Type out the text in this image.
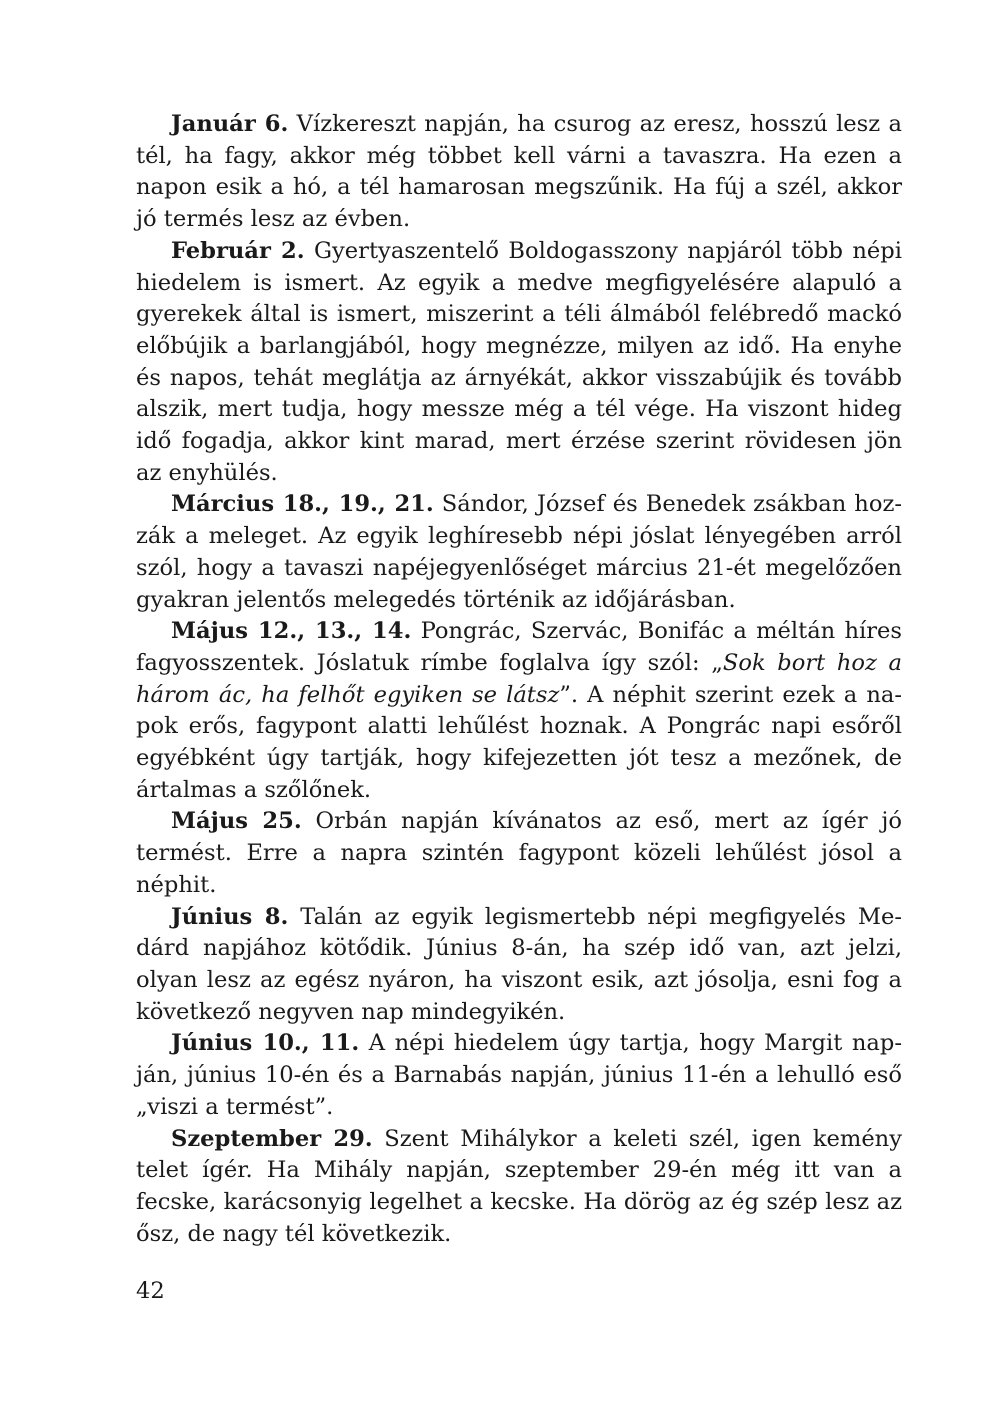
Január 6. Vízkereszt napján, ha csurog az eresz, hosszú lesz a tél, ha fagy, akkor még többet kell várni a tavaszra. Ha ezen a napon esik a hó, a tél hamarosan megszűnik. Ha fúj a szél, akkor jó termés lesz az évben.

Február 2. Gyertyaszentelő Boldogasszony napjáról több népi hiedelem is ismert. Az egyik a medve megfigyelésére alapuló a gyerekek által is ismert, miszerint a téli álmából felébredő mackó előbújik a barlangjából, hogy megnézze, milyen az idő. Ha enyhe és napos, tehát meglátja az árnyékát, akkor visszabújik és tovább alszik, mert tudja, hogy messze még a tél vége. Ha viszont hideg idő fogadja, akkor kint marad, mert érzése szerint rövidesen jön az enyhülés.

Március 18., 19., 21. Sándor, József és Benedek zsákban hozzák a meleget. Az egyik leghíresebb népi jóslat lényegében arról szól, hogy a tavaszi napéjegyenlőséget március 21-ét megelőzően gyakran jelentős melegedés történik az időjárásban.

Május 12., 13., 14. Pongrác, Szervác, Bonifác a méltán híres fagyosszentek. Jóslatuk rímbe foglalva így szól: „Sok bort hoz a három ác, ha felhőt egyiken se látsz”. A néphit szerint ezek a napok erős, fagypont alatti lehűlést hoznak. A Pongrác napi esőről egyébként úgy tartják, hogy kifejezetten jót tesz a mezőnek, de ártalmas a szőlőnek.

Május 25. Orbán napján kívánatos az eső, mert az ígér jó termést. Erre a napra szintén fagypont közeli lehűlést jósol a néphit.

Június 8. Talán az egyik legismertebb népi megfigyelés Medárd napjához kötődik. Június 8-án, ha szép idő van, azt jelzi, olyan lesz az egész nyáron, ha viszont esik, azt jósolja, esni fog a következő negyven nap mindegyikén.

Június 10., 11. A népi hiedelem úgy tartja, hogy Margit napján, június 10-én és a Barnabás napján, június 11-én a lehulló eső „viszi a termést”.

Szeptember 29. Szent Mihálykor a keleti szél, igen kemény telet ígér. Ha Mihály napján, szeptember 29-én még itt van a fecske, karácsonyig legelhet a kecske. Ha dörög az ég szép lesz az ősz, de nagy tél következik.

42
